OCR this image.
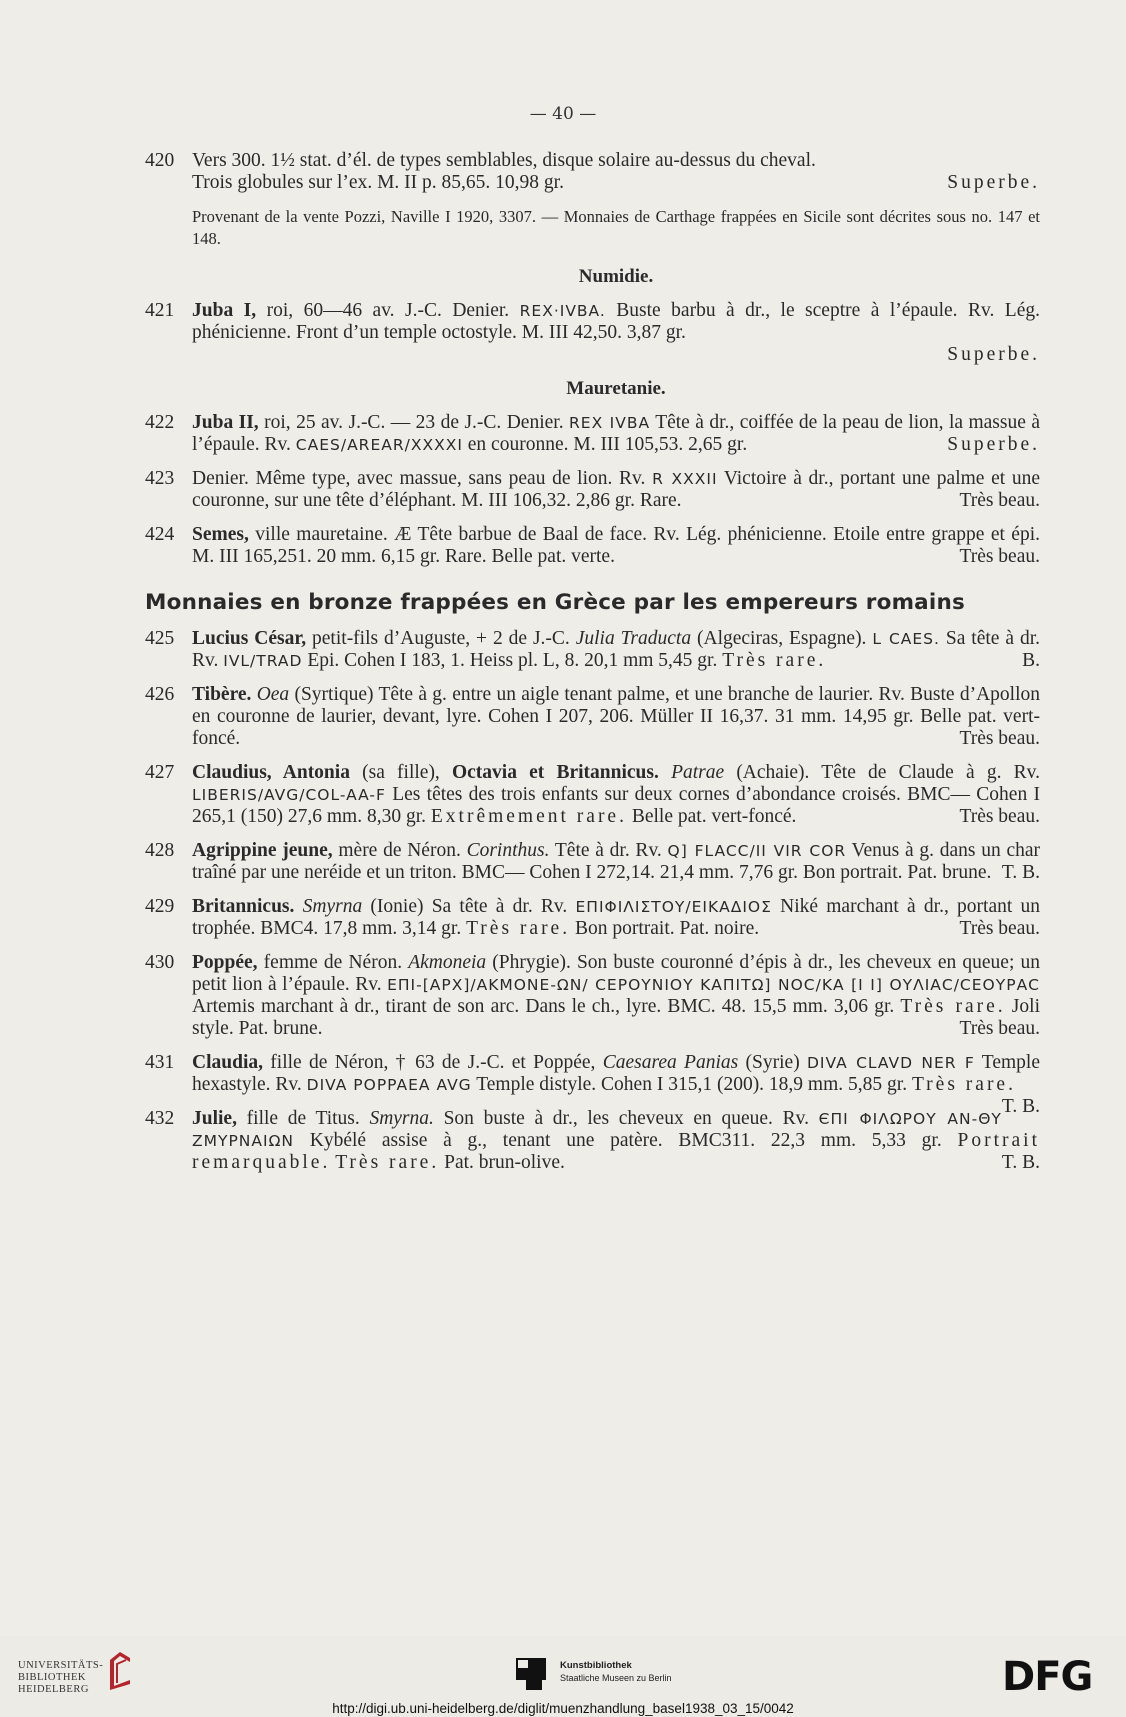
— 40 —
420 Vers 300. 1½ stat. d’él. de types semblables, disque solaire au-dessus du cheval.
Trois globules sur l’ex. M. II p. 85,65. 10,98 gr.	Superbe.
Provenant de la vente Pozzi, Naville I 1920, 3307. — Monnaies de Carthage frappées en Sicile sont décrites sous no. 147 et 148.
Numidie.
421 Juba I, roi, 60—46 av. J.-C. Denier. REX·IVBA. Buste barbu à dr., le sceptre à l’épaule. Rv. Lég. phénicienne. Front d’un temple octostyle. M. III 42,50. 3,87 gr.
Superbe.
Mauretanie.
422 Juba II, roi, 25 av. J.-C. — 23 de J.-C. Denier. REX IVBA Tête à dr., coiffée de la peau de lion, la massue à l’épaule. Rv. CAES/AREAR/XXXXI en couronne. M. III 105,53. 2,65 gr.	Superbe.
423 Denier. Même type, avec massue, sans peau de lion. Rv. R XXXII Victoire à dr., portant une palme et une couronne, sur une tête d’éléphant. M. III 106,32. 2,86 gr. Rare.	Très beau.
424 Semes, ville mauretaine. Æ Tête barbue de Baal de face. Rv. Lég. phénicienne. Etoile entre grappe et épi. M. III 165,251. 20 mm. 6,15 gr. Rare. Belle pat. verte.	Très beau.
Monnaies en bronze frappées en Grèce par les empereurs romains
425 Lucius César, petit-fils d’Auguste, + 2 de J.-C. Julia Traducta (Algeciras, Espagne). L CAES. Sa tête à dr. Rv. IVL/TRAD Epi. Cohen I 183, 1. Heiss pl. L, 8. 20,1 mm 5,45 gr. Très rare.	B.
426 Tibère. Oea (Syrtique) Tête à g. entre un aigle tenant palme, et une branche de laurier. Rv. Buste d’Apollon en couronne de laurier, devant, lyre. Cohen I 207, 206. Müller II 16,37. 31 mm. 14,95 gr. Belle pat. vert-foncé.	Très beau.
427 Claudius, Antonia (sa fille), Octavia et Britannicus. Patrae (Achaie). Tête de Claude à g. Rv. LIBERIS/AVG/COL-AA-F Les têtes des trois enfants sur deux cornes d’abondance croisés. BMC— Cohen I 265,1 (150) 27,6 mm. 8,30 gr. Extrêmement rare. Belle pat. vert-foncé.	Très beau.
428 Agrippine jeune, mère de Néron. Corinthus. Tête à dr. Rv. Q] FLACC/II VIR COR Venus à g. dans un char traîné par une neréide et un triton. BMC— Cohen I 272,14. 21,4 mm. 7,76 gr. Bon portrait. Pat. brune. T. B.
429 Britannicus. Smyrna (Ionie) Sa tête à dr. Rv. ΕΠΙΦΙΛΙΣΤΟΥ/ΕΙΚΑΔΙΟΣ Niké marchant à dr., portant un trophée. BMC4. 17,8 mm. 3,14 gr. Très rare. Bon portrait. Pat. noire.	Très beau.
430 Poppée, femme de Néron. Akmoneia (Phrygie). Son buste couronné d’épis à dr., les cheveux en queue; un petit lion à l’épaule. Rv. ΕΠΙ-[ΑΡΧ]/ΑΚΜΟΝΕ-ΩΝ/ CΕΡΟΥΝΙΟΥ ΚΑΠΙΤΩ] ΝΟC/ΚΑ [Ι Ι] ΟΥΛΙΑC/CΕΟΥΡΑC Artemis marchant à dr., tirant de son arc. Dans le ch., lyre. BMC. 48. 15,5 mm. 3,06 gr. Très rare. Joli style. Pat. brune.	Très beau.
431 Claudia, fille de Néron, † 63 de J.-C. et Poppée, Caesarea Panias (Syrie) DIVA CLAVD NER F Temple hexastyle. Rv. DIVA POPPAEA AVG Temple distyle. Cohen I 315,1 (200). 18,9 mm. 5,85 gr. Très rare.
T. B.
432 Julie, fille de Titus. Smyrna. Son buste à dr., les cheveux en queue. Rv. ЄΠΙ ΦΙΛΩΡΟΥ ΑΝ-ΘΥ ΖΜΥΡΝΑΙΩΝ Kybélé assise à g., tenant une patère. BMC311. 22,3 mm. 5,33 gr. Portrait remarquable. Très rare. Pat. brun-olive.	T. B.
UNIVERSITÄTS-
BIBLIOTHEK
HEIDELBERG
Kunstbibliothek
Staatliche Museen zu Berlin	DFG
http://digi.ub.uni-heidelberg.de/diglit/muenzhandlung_basel1938_03_15/0042
